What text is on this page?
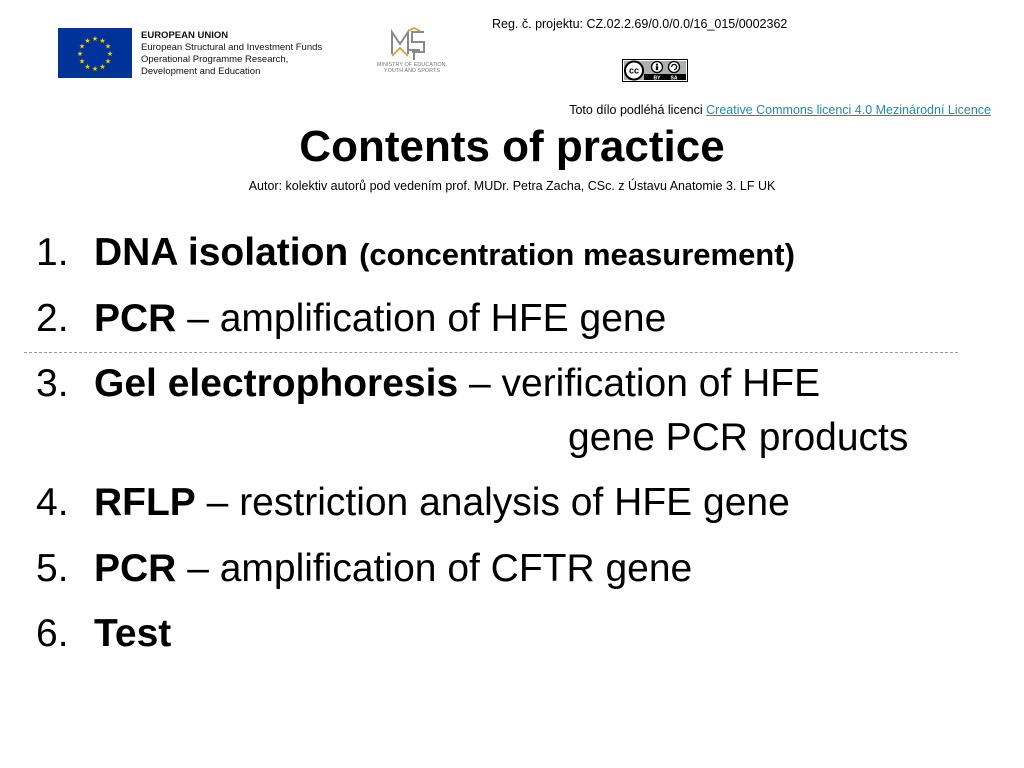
★ ★
★
★
★
★
★
★
★
★
★
★	EUROPEAN UNION
European Structural and Investment Funds
Operational Programme Research,
Development and Education
MINISTRY OF EDUCATION,
YOUTH AND SPORTS
Reg. č. projektu: CZ.02.2.69/0.0/0.0/16_015/0002362
cc
BY SA
Toto dílo podléhá licenci Creative Commons licenci 4.0 Mezinárodní Licence
Contents of practice
Autor: kolektiv autorů pod vedením prof. MUDr. Petra Zacha, CSc. z Ústavu Anatomie 3. LF UK
1. DNA isolation (concentration measurement)
2. PCR – amplification of HFE gene
3. Gel electrophoresis – verification of HFE
gene PCR products
4. RFLP – restriction analysis of HFE gene
5. PCR – amplification of CFTR gene
6. Test
